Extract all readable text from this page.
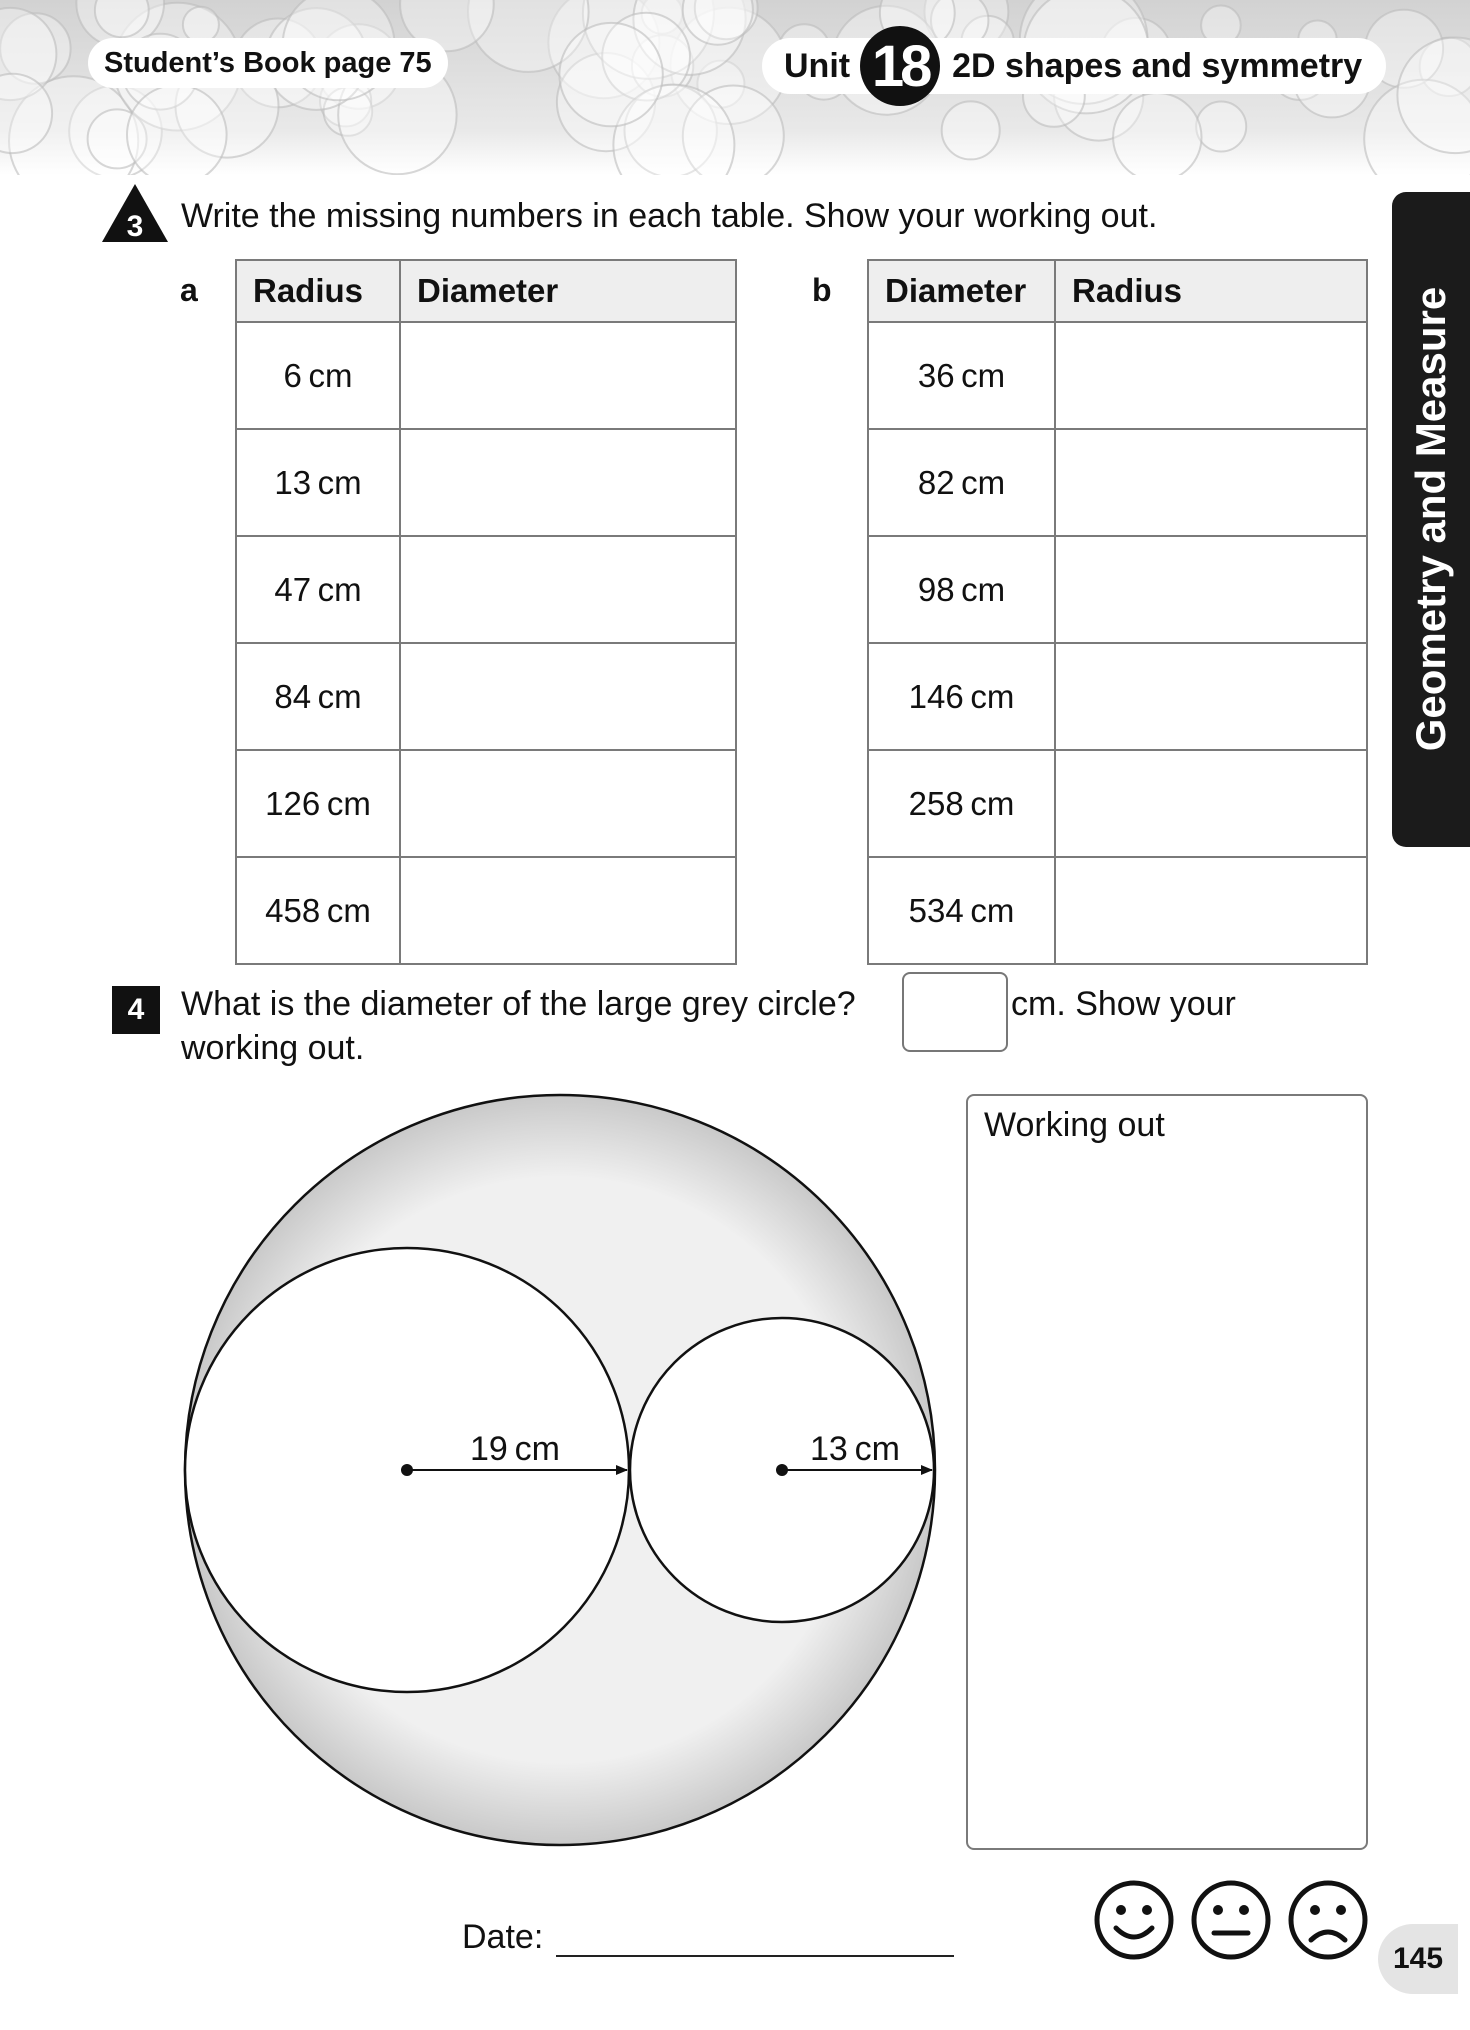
Student’s Book page 75	Unit 18 2D shapes and symmetry
Geometry and Measure
3 Write the missing numbers in each table. Show your working out.
a Radius	Diameter
6 cm	
13 cm	
47 cm	
84 cm	
126 cm	
458 cm	
b Diameter	Radius
36 cm	
82 cm	
98 cm	
146 cm	
258 cm	
534 cm	
4 What is the diameter of the large grey circle?	cm. Show your
working out.
19 cm	13 cm
Working out
Date:
145
